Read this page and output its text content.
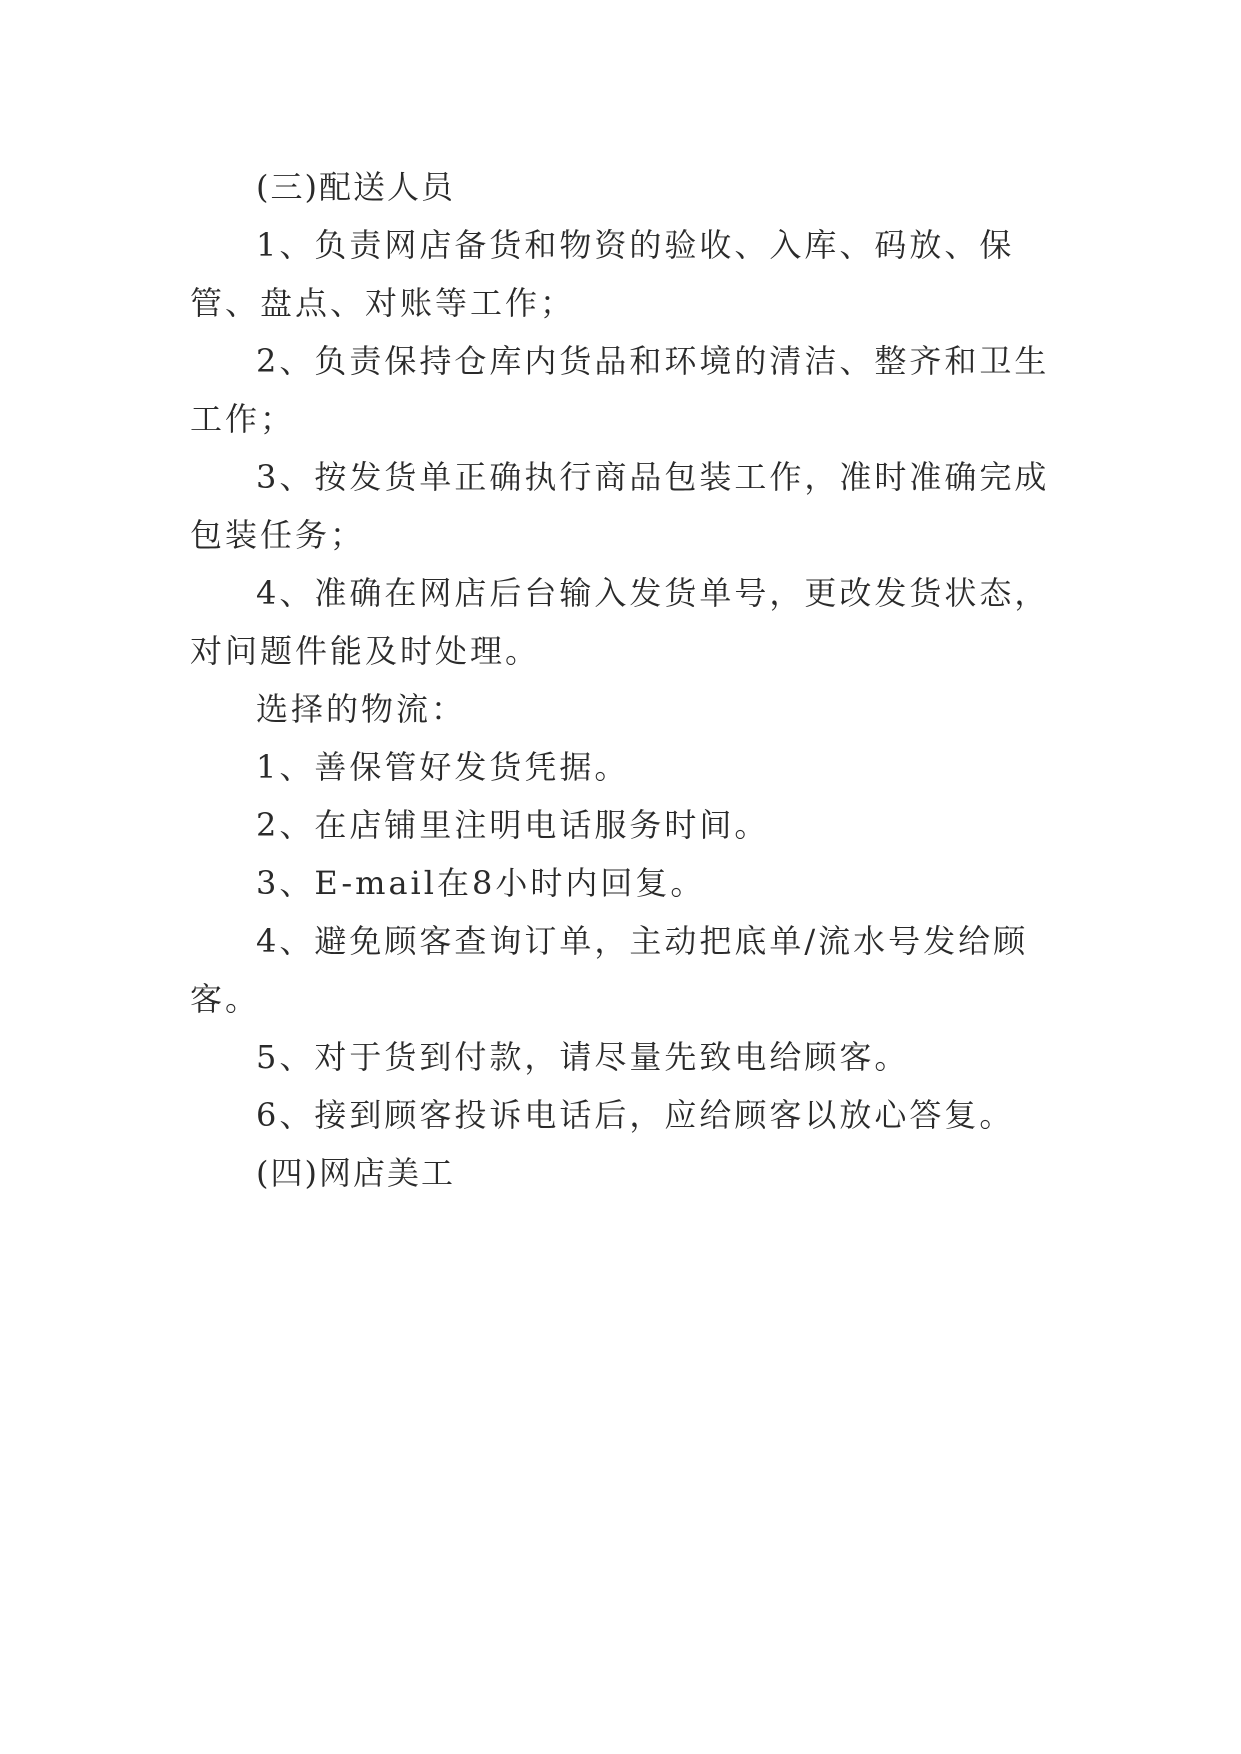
(三)配送人员

1、负责网店备货和物资的验收、入库、码放、保管、盘点、对账等工作；

2、负责保持仓库内货品和环境的清洁、整齐和卫生工作；

3、按发货单正确执行商品包装工作，准时准确完成包装任务；

4、准确在网店后台输入发货单号，更改发货状态，对问题件能及时处理。

选择的物流：

1、善保管好发货凭据。

2、在店铺里注明电话服务时间。

3、E-mail在8小时内回复。

4、避免顾客查询订单，主动把底单/流水号发给顾客。

5、对于货到付款，请尽量先致电给顾客。

6、接到顾客投诉电话后，应给顾客以放心答复。

(四)网店美工
